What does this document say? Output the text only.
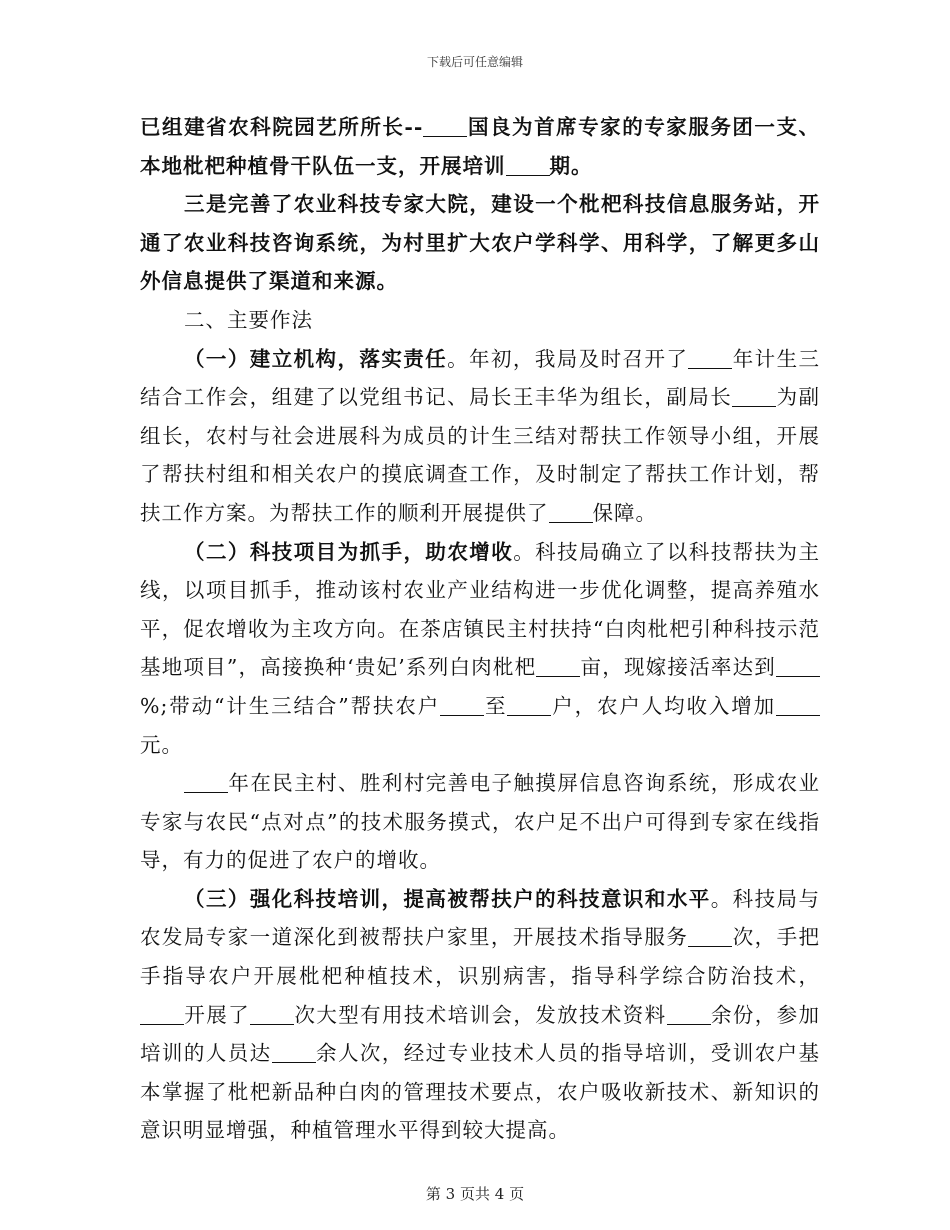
下载后可任意编辑

已组建省农科院园艺所所长-- 国良为首席专家的专家服务团一支、本地枇杷种植骨干队伍一支，开展培训 期。

三是完善了农业科技专家大院，建设一个枇杷科技信息服务站，开通了农业科技咨询系统，为村里扩大农户学科学、用科学，了解更多山外信息提供了渠道和来源。

二、主要作法

（一）建立机构，落实责任。年初，我局及时召开了 年计生三结合工作会，组建了以党组书记、局长王丰华为组长，副局长 为副组长，农村与社会进展科为成员的计生三结对帮扶工作领导小组，开展了帮扶村组和相关农户的摸底调查工作，及时制定了帮扶工作计划，帮扶工作方案。为帮扶工作的顺利开展提供了 保障。

（二）科技项目为抓手，助农增收。科技局确立了以科技帮扶为主线，以项目抓手，推动该村农业产业结构进一步优化调整，提高养殖水平，促农增收为主攻方向。在茶店镇民主村扶持“白肉枇杷引种科技示范基地项目”，高接换种‘贵妃’系列白肉枇杷 亩，现嫁接活率达到%;带动“计生三结合”帮扶农户 至 户，农户人均收入增加元。

年在民主村、胜利村完善电子触摸屏信息咨询系统，形成农业专家与农民“点对点”的技术服务摸式，农户足不出户可得到专家在线指导，有力的促进了农户的增收。

（三）强化科技培训，提高被帮扶户的科技意识和水平。科技局与农发局专家一道深化到被帮扶户家里，开展技术指导服务 次，手把手指导农户开展枇杷种植技术，识别病害，指导科学综合防治技术，开展了 次大型有用技术培训会，发放技术资料 余份，参加培训的人员达 余人次，经过专业技术人员的指导培训，受训农户基本掌握了枇杷新品种白肉的管理技术要点，农户吸收新技术、新知识的意识明显增强，种植管理水平得到较大提高。

第 3 页共 4 页
